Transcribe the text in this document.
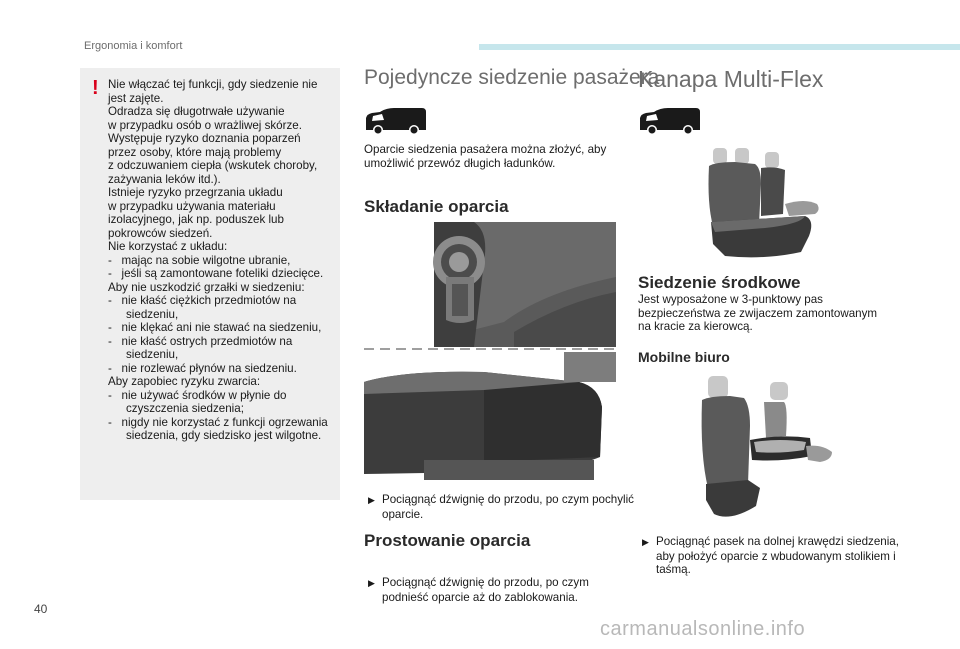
Ergonomia i komfort
! Nie włączać tej funkcji, gdy siedzenie nie
jest zajęte.
Odradza się długotrwałe używanie
w przypadku osób o wrażliwej skórze.
Występuje ryzyko doznania poparzeń
przez osoby, które mają problemy
z odczuwaniem ciepła (wskutek choroby,
zażywania leków itd.).
Istnieje ryzyko przegrzania układu
w przypadku używania materiału
izolacyjnego, jak np. poduszek lub
pokrowców siedzeń.
Nie korzystać z układu:
-   mając na sobie wilgotne ubranie,
-   jeśli są zamontowane foteliki dziecięce.
Aby nie uszkodzić grzałki w siedzeniu:
-   nie kłaść ciężkich przedmiotów na siedzeniu,
-   nie klękać ani nie stawać na siedzeniu,
-   nie kłaść ostrych przedmiotów na siedzeniu,
-   nie rozlewać płynów na siedzeniu.
Aby zapobiec ryzyku zwarcia:
-   nie używać środków w płynie do czyszczenia siedzenia;
-   nigdy nie korzystać z funkcji ogrzewania siedzenia, gdy siedzisko jest wilgotne.
Pojedyncze siedzenie pasażera
Oparcie siedzenia pasażera można złożyć, aby umożliwić przewóz długich ładunków.
Składanie oparcia
▶ Pociągnąć dźwignię do przodu, po czym pochylić oparcie.
Prostowanie oparcia
▶ Pociągnąć dźwignię do przodu, po czym podnieść oparcie aż do zablokowania.
Kanapa Multi-Flex
Siedzenie środkowe
Jest wyposażone w 3-punktowy pas bezpieczeństwa ze zwijaczem zamontowanym na kracie za kierowcą.
Mobilne biuro
▶ Pociągnąć pasek na dolnej krawędzi siedzenia, aby położyć oparcie z wbudowanym stolikiem i taśmą.
40
carmanualsonline.info
